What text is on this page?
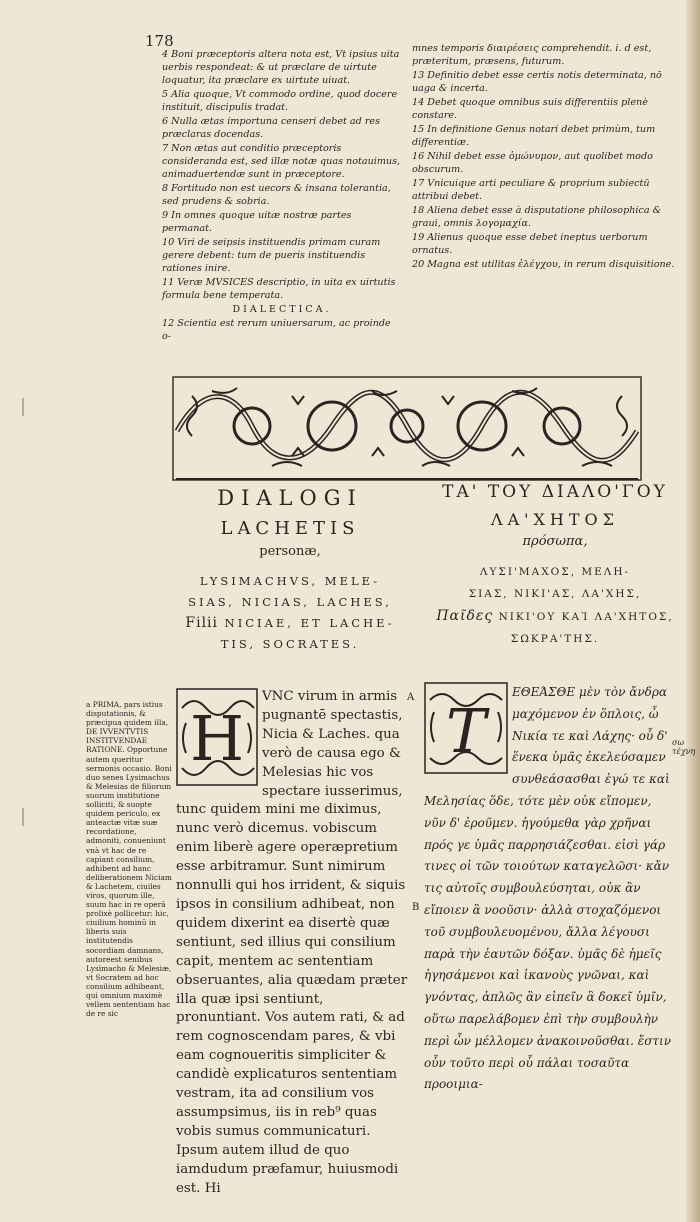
178

4 Boni præceptoris altera nota est, Vt ipsius uita uerbis respondeat: & ut præclare de uirtute loquatur, ita præclare ex uirtute uiuat.

5 Alia quoque, Vt commodo ordine, quod docere instituit, discipulis tradat.

6 Nulla ætas importuna censeri debet ad res præclaras docendas.

7 Non ætas aut conditio præceptoris consideranda est, sed illæ notæ quas notauimus, animaduertendæ sunt in præceptore.

8 Fortitudo non est uecors & insana tolerantia, sed prudens & sobria.

9 In omnes quoque uitæ nostræ partes permanat.

10 Viri de seipsis instituendis primam curam gerere debent: tum de pueris instituendis rationes inire.

11 Veræ MVSICES descriptio, in uita ex uirtutis formula bene temperata.

DIALECTICA.

12 Scientia est rerum uniuersarum, ac proinde o-

mnes temporis διαιρέσεις comprehendit. i. d est, præteritum, præsens, futurum.

13 Definitio debet esse certis notis determinata, nō uaga & incerta.

14 Debet quoque omnibus suis differentiis plenè constare.

15 In definitione Genus notari debet primùm, tum differentiæ.

16 Nihil debet esse ὁμώνυμον, aut quolibet modo obscurum.

17 Vnicuique arti peculiare & proprium subiectū attribui debet.

18 Aliena debet esse à disputatione philosophica & graui, omnis λογομαχία.

19 Alienus quoque esse debet ineptus uerborum ornatus.

20 Magna est utilitas ἐλέγχου, in rerum disquisitione.

DIALOGI

LACHETIS

personæ,

LYSIMACHVS, MELE-
SIAS, NICIAS, LACHES,
Filii NICIAE, ET LACHE-
TIS, SOCRATES.

ΤΑ' ΤΟΥ ΔΙΑΛΟ'ΓΟΥ

ΛΑ'ΧΗΤΟΣ

πρόσωπα,

ΛΥΣΙ'ΜΑΧΟΣ, ΜΕΛΗ-
ΣΙΑΣ, ΝΙΚΙ'ΑΣ, ΛΑ'ΧΗΣ,
Παῖδες ΝΙΚΙ'ΟΥ ΚΑῚ ΛΑ'ΧΗΤΟΣ,
ΣΩΚΡΑ'ΤΗΣ.

a PRIMA, pars istius disputationis, & præcipua quidem illa, DE IVVENTVTIS INSTITVENDAE RATIONE. Opportune autem queritur sermonis occasio. Boni duo senes Lysimachus & Melesias de filiorum suorum institutione solliciti, & suopte quidem periculo, ex anteactæ vitæ suæ recordatione, admoniti, conueniunt vnà vt hac de re capiant consilium, adhibent ad hanc deliberationem Niciam & Lachetem, ciuiles viros, quorum ille, suum hac in re operā prolixè pollicetur: hic, ciuilium hominū in liberis suis institutendis socordiam damnans, autoreest senibus Lysimacho & Melesiæ, vt Socratem ad hoc consilium adhibeant, qui omnium maximè vellem sententiam hac de re sic
H
VNC virum in armis pugnantē spectastis, Nicia & Laches. qua verò de causa ego & Melesias hic vos spectare iusserimus, tunc quidem mini me diximus, nunc verò dicemus. vobiscum enim liberè agere operæpretium esse arbitramur. Sunt nimirum nonnulli qui hos irrident, & siquis ipsos in consilium adhibeat, non quidem dixerint ea disertè quæ sentiunt, sed illius qui consilium capit, mentem ac sententiam obseruantes, alia quædam præter illa quæ ipsi sentiunt, pronuntiant. Vos autem rati, & ad rem cognoscendam pares, & vbi eam cognoueritis simpliciter & candidè explicaturos sententiam vestram, ita ad consilium vos assumpsimus, iis in reb⁹ quas vobis sumus communicaturi. Ipsum autem illud de quo iamdudum præfamur, huiusmodi est. Hi
A
B
Τ
ΕΘΕΆΣΘΕ μὲν τὸν ἄνδρα μαχόμενον ἐν ὅπλοις, ὦ Νικία τε καὶ Λάχης· οὗ δ' ἕνεκα ὑμᾶς ἐκελεύσαμεν συνθεάσασθαι ἐγώ τε καὶ Μελησίας ὅδε, τότε μὲν οὐκ εἴπομεν, νῦν δ' ἐροῦμεν. ἡγούμεθα γὰρ χρῆναι πρός γε ὑμᾶς παρρησιάζεσθαι. εἰσὶ γάρ τινες οἱ τῶν τοιούτων καταγελῶσι· κἄν τις αὐτοῖς συμβουλεύσηται, οὐκ ἂν εἴποιεν ἃ νοοῦσιν· ἀλλὰ στοχαζόμενοι τοῦ συμβουλευομένου, ἄλλα λέγουσι παρὰ τὴν ἑαυτῶν δόξαν. ὑμᾶς δὲ ἡμεῖς ἡγησάμενοι καὶ ἱκανοὺς γνῶναι, καὶ γνόντας, ἁπλῶς ἂν εἰπεῖν ἃ δοκεῖ ὑμῖν, οὕτω παρελάβομεν ἐπὶ τὴν συμβουλὴν περὶ ὧν μέλλομεν ἀνακοινοῦσθαι. ἔστιν οὖν τοῦτο περὶ οὗ πάλαι τοσαῦτα προοιμια-
σω τέχνη
